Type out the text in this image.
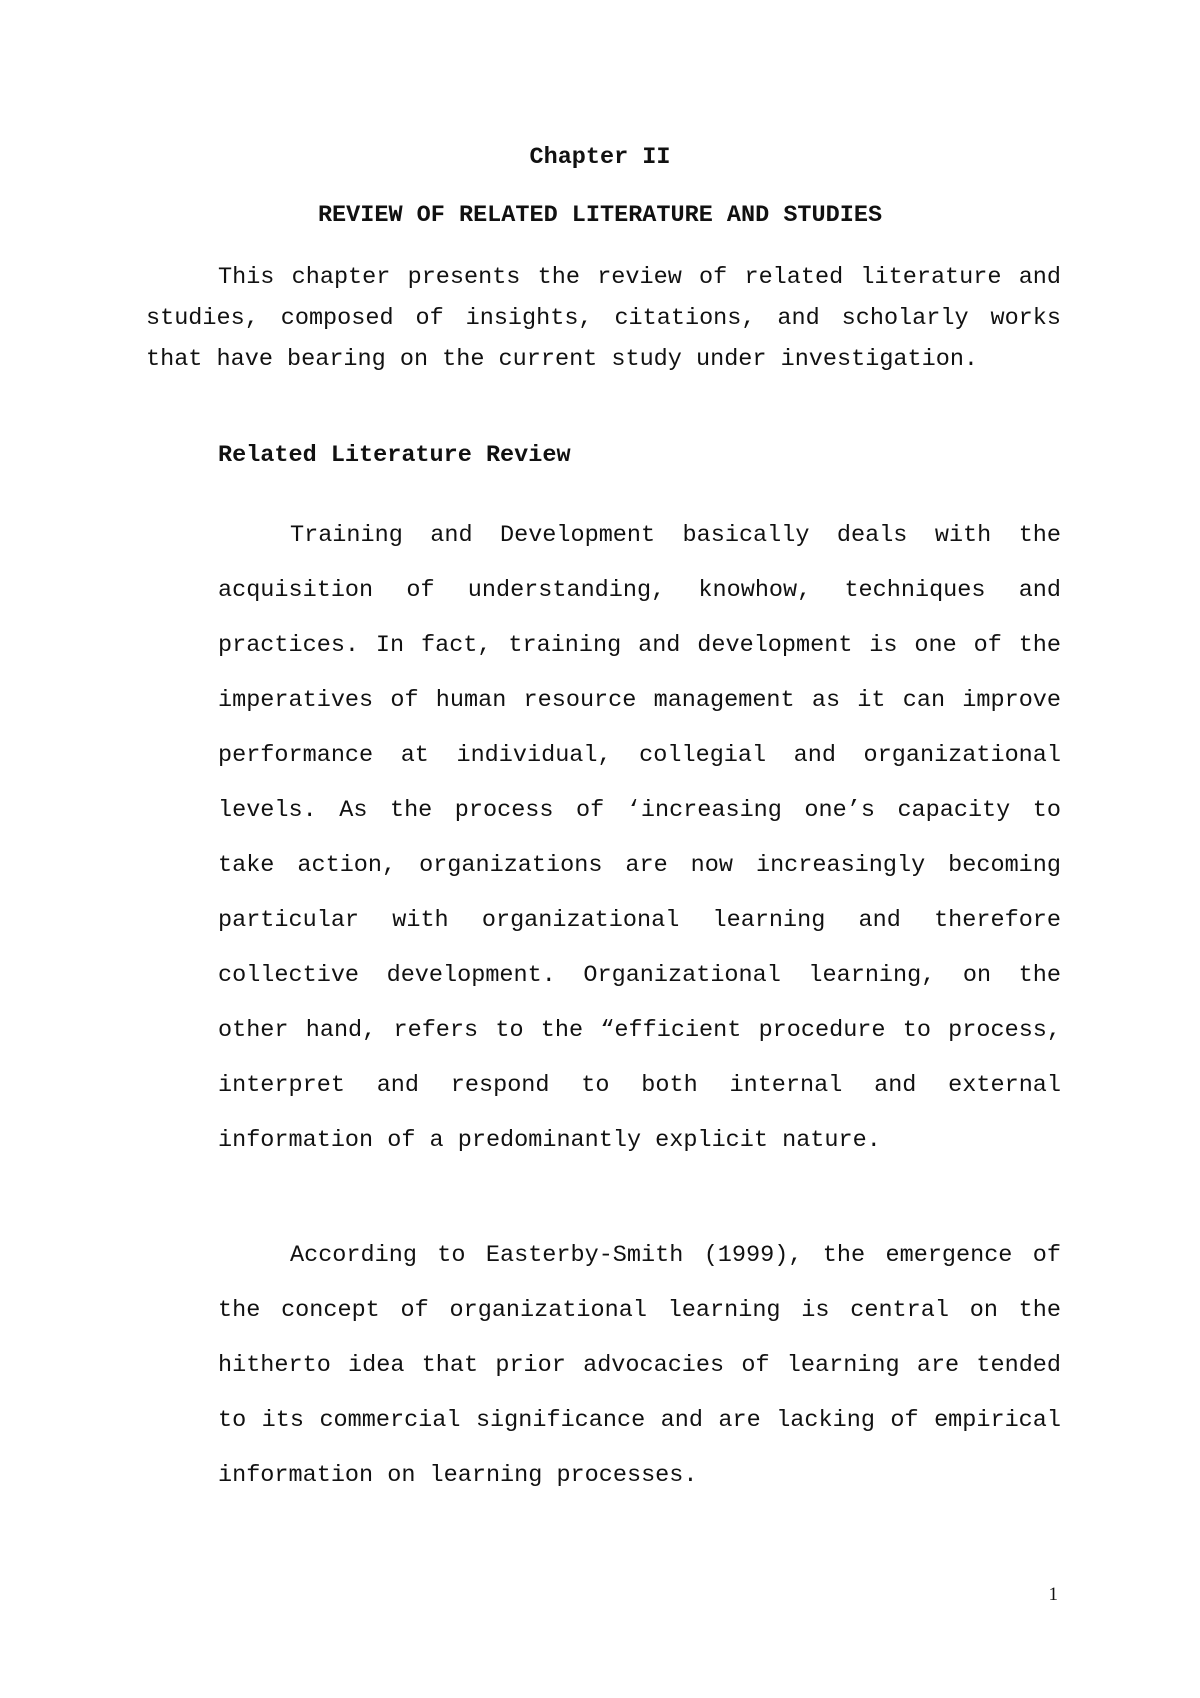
Chapter II
REVIEW OF RELATED LITERATURE AND STUDIES

This chapter presents the review of related literature and studies, composed of insights, citations, and scholarly works that have bearing on the current study under investigation.

Related Literature Review

Training and Development basically deals with the acquisition of understanding, knowhow, techniques and practices. In fact, training and development is one of the imperatives of human resource management as it can improve performance at individual, collegial and organizational levels. As the process of ‘increasing one’s capacity to take action, organizations are now increasingly becoming particular with organizational learning and therefore collective development. Organizational learning, on the other hand, refers to the “efficient procedure to process, interpret and respond to both internal and external information of a predominantly explicit nature.

According to Easterby-Smith (1999), the emergence of the concept of organizational learning is central on the hitherto idea that prior advocacies of learning are tended to its commercial significance and are lacking of empirical information on learning processes.

1
